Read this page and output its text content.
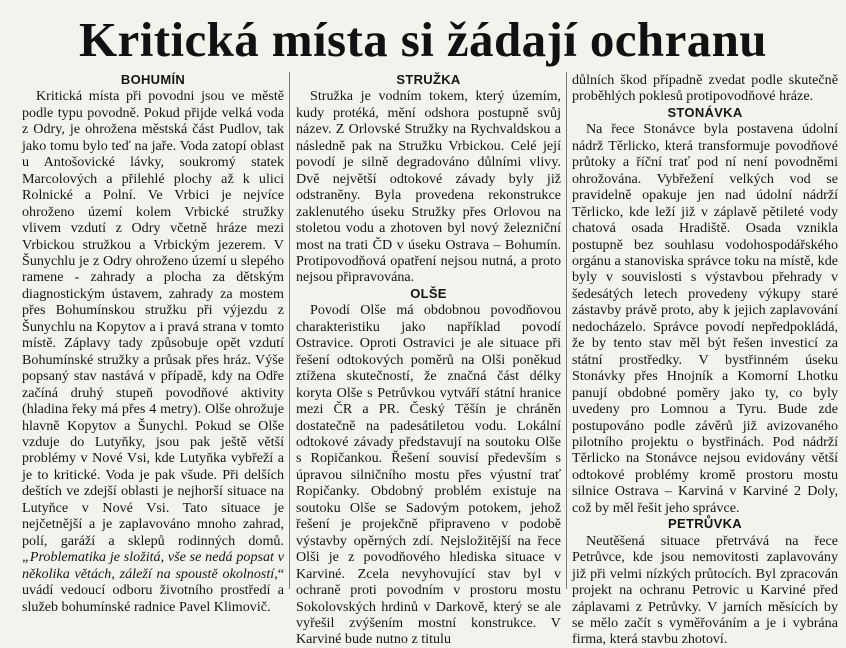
Kritická místa si žádají ochranu
BOHUMÍN

Kritická místa při povodni jsou ve městě podle typu povodně. Pokud přijde velká voda z Odry, je ohrožena městská část Pudlov, tak jako tomu bylo teď na jaře. Voda zatopí oblast u Antošovické lávky, soukromý statek Marcolových a přilehlé plochy až k ulici Rolnické a Polní. Ve Vrbici je nejvíce ohroženo území kolem Vrbické stružky vlivem vzdutí z Odry včetně hráze mezi Vrbickou stružkou a Vrbickým jezerem. V Šunychlu je z Odry ohroženo území u slepého ramene - zahrady a plocha za dětským diagnostickým ústavem, zahrady za mostem přes Bohumínskou stružku při výjezdu z Šunychlu na Kopytov a i pravá strana v tomto místě. Záplavy tady způsobuje opět vzdutí Bohumínské stružky a průsak přes hráz. Výše popsaný stav nastává v případě, kdy na Odře začíná druhý stupeň povodňové aktivity (hladina řeky má přes 4 metry). Olše ohrožuje hlavně Kopytov a Šunychl. Pokud se Olše vzduje do Lutyňky, jsou pak ještě větší problémy v Nové Vsi, kde Lutyňka vybřeží a je to kritické. Voda je pak všude. Při delších deštích ve zdejší oblasti je nejhorší situace na Lutyňce v Nové Vsi. Tato situace je nejčetnější a je zaplavováno mnoho zahrad, polí, garáží a sklepů rodinných domů. „Problematika je složitá, vše se nedá popsat v několika větách, záleží na spoustě okolností,“ uvádí vedoucí odboru životního prostředí a služeb bohumínské radnice Pavel Klimovič.

STRUŽKA

Stružka je vodním tokem, který územím, kudy protéká, mění odshora postupně svůj název. Z Orlovské Stružky na Rychvaldskou a následně pak na Stružku Vrbickou. Celé její povodí je silně degradováno důlními vlivy. Dvě největší odtokové závady byly již odstraněny. Byla provedena rekonstrukce zaklenutého úseku Stružky přes Orlovou na stoletou vodu a zhotoven byl nový železniční most na trati ČD v úseku Ostrava – Bohumín. Protipovodňová opatření nejsou nutná, a proto nejsou připravována.

OLŠE

Povodí Olše má obdobnou povodňovou charakteristiku jako například povodí Ostravice. Oproti Ostravici je ale situace při řešení odtokových poměrů na Olši poněkud ztížena skutečností, že značná část délky koryta Olše s Petrůvkou vytváří státní hranice mezi ČR a PR. Český Těšín je chráněn dostatečně na padesátiletou vodu. Lokální odtokové závady představují na soutoku Olše s Ropičankou. Řešení souvisí především s úpravou silničního mostu přes výustní trať Ropičanky. Obdobný problém existuje na soutoku Olše se Sadovým potokem, jehož řešení je projekčně připraveno v podobě výstavby opěrných zdí. Nejsložitější na řece Olši je z povodňového hlediska situace v Karviné. Zcela nevyhovující stav byl v ochraně proti povodním v prostoru mostu Sokolovských hrdinů v Darkově, který se ale vyřešil zvýšením mostní konstrukce. V Karviné bude nutno z titulu

důlních škod případně zvedat podle skutečně proběhlých poklesů protipovodňové hráze.

STONÁVKA

Na řece Stonávce byla postavena údolní nádrž Těrlicko, která transformuje povodňové průtoky a říční trať pod ní není povodněmi ohrožována. Vybřežení velkých vod se pravidelně opakuje jen nad údolní nádrží Těrlicko, kde leží již v záplavě pětileté vody chatová osada Hradiště. Osada vznikla postupně bez souhlasu vodohospodářského orgánu a stanoviska správce toku na místě, kde byly v souvislosti s výstavbou přehrady v šedesátých letech provedeny výkupy staré zástavby právě proto, aby k jejich zaplavování nedocházelo. Správce povodí nepředpokládá, že by tento stav měl být řešen investicí za státní prostředky. V bystřinném úseku Stonávky přes Hnojník a Komorní Lhotku panují obdobné poměry jako ty, co byly uvedeny pro Lomnou a Tyru. Bude zde postupováno podle závěrů již avizovaného pilotního projektu o bystřinách. Pod nádrží Těrlicko na Stonávce nejsou evidovány větší odtokové problémy kromě prostoru mostu silnice Ostrava – Karviná v Karviné 2 Doly, což by měl řešit jeho správce.

PETRŮVKA

Neutěšená situace přetrvává na řece Petrůvce, kde jsou nemovitosti zaplavovány již při velmi nízkých průtocích. Byl zpracován projekt na ochranu Petrovic u Karviné před záplavami z Petrůvky. V jarních měsících by se mělo začít s vyměřováním a je i vybrána firma, která stavbu zhotoví.
